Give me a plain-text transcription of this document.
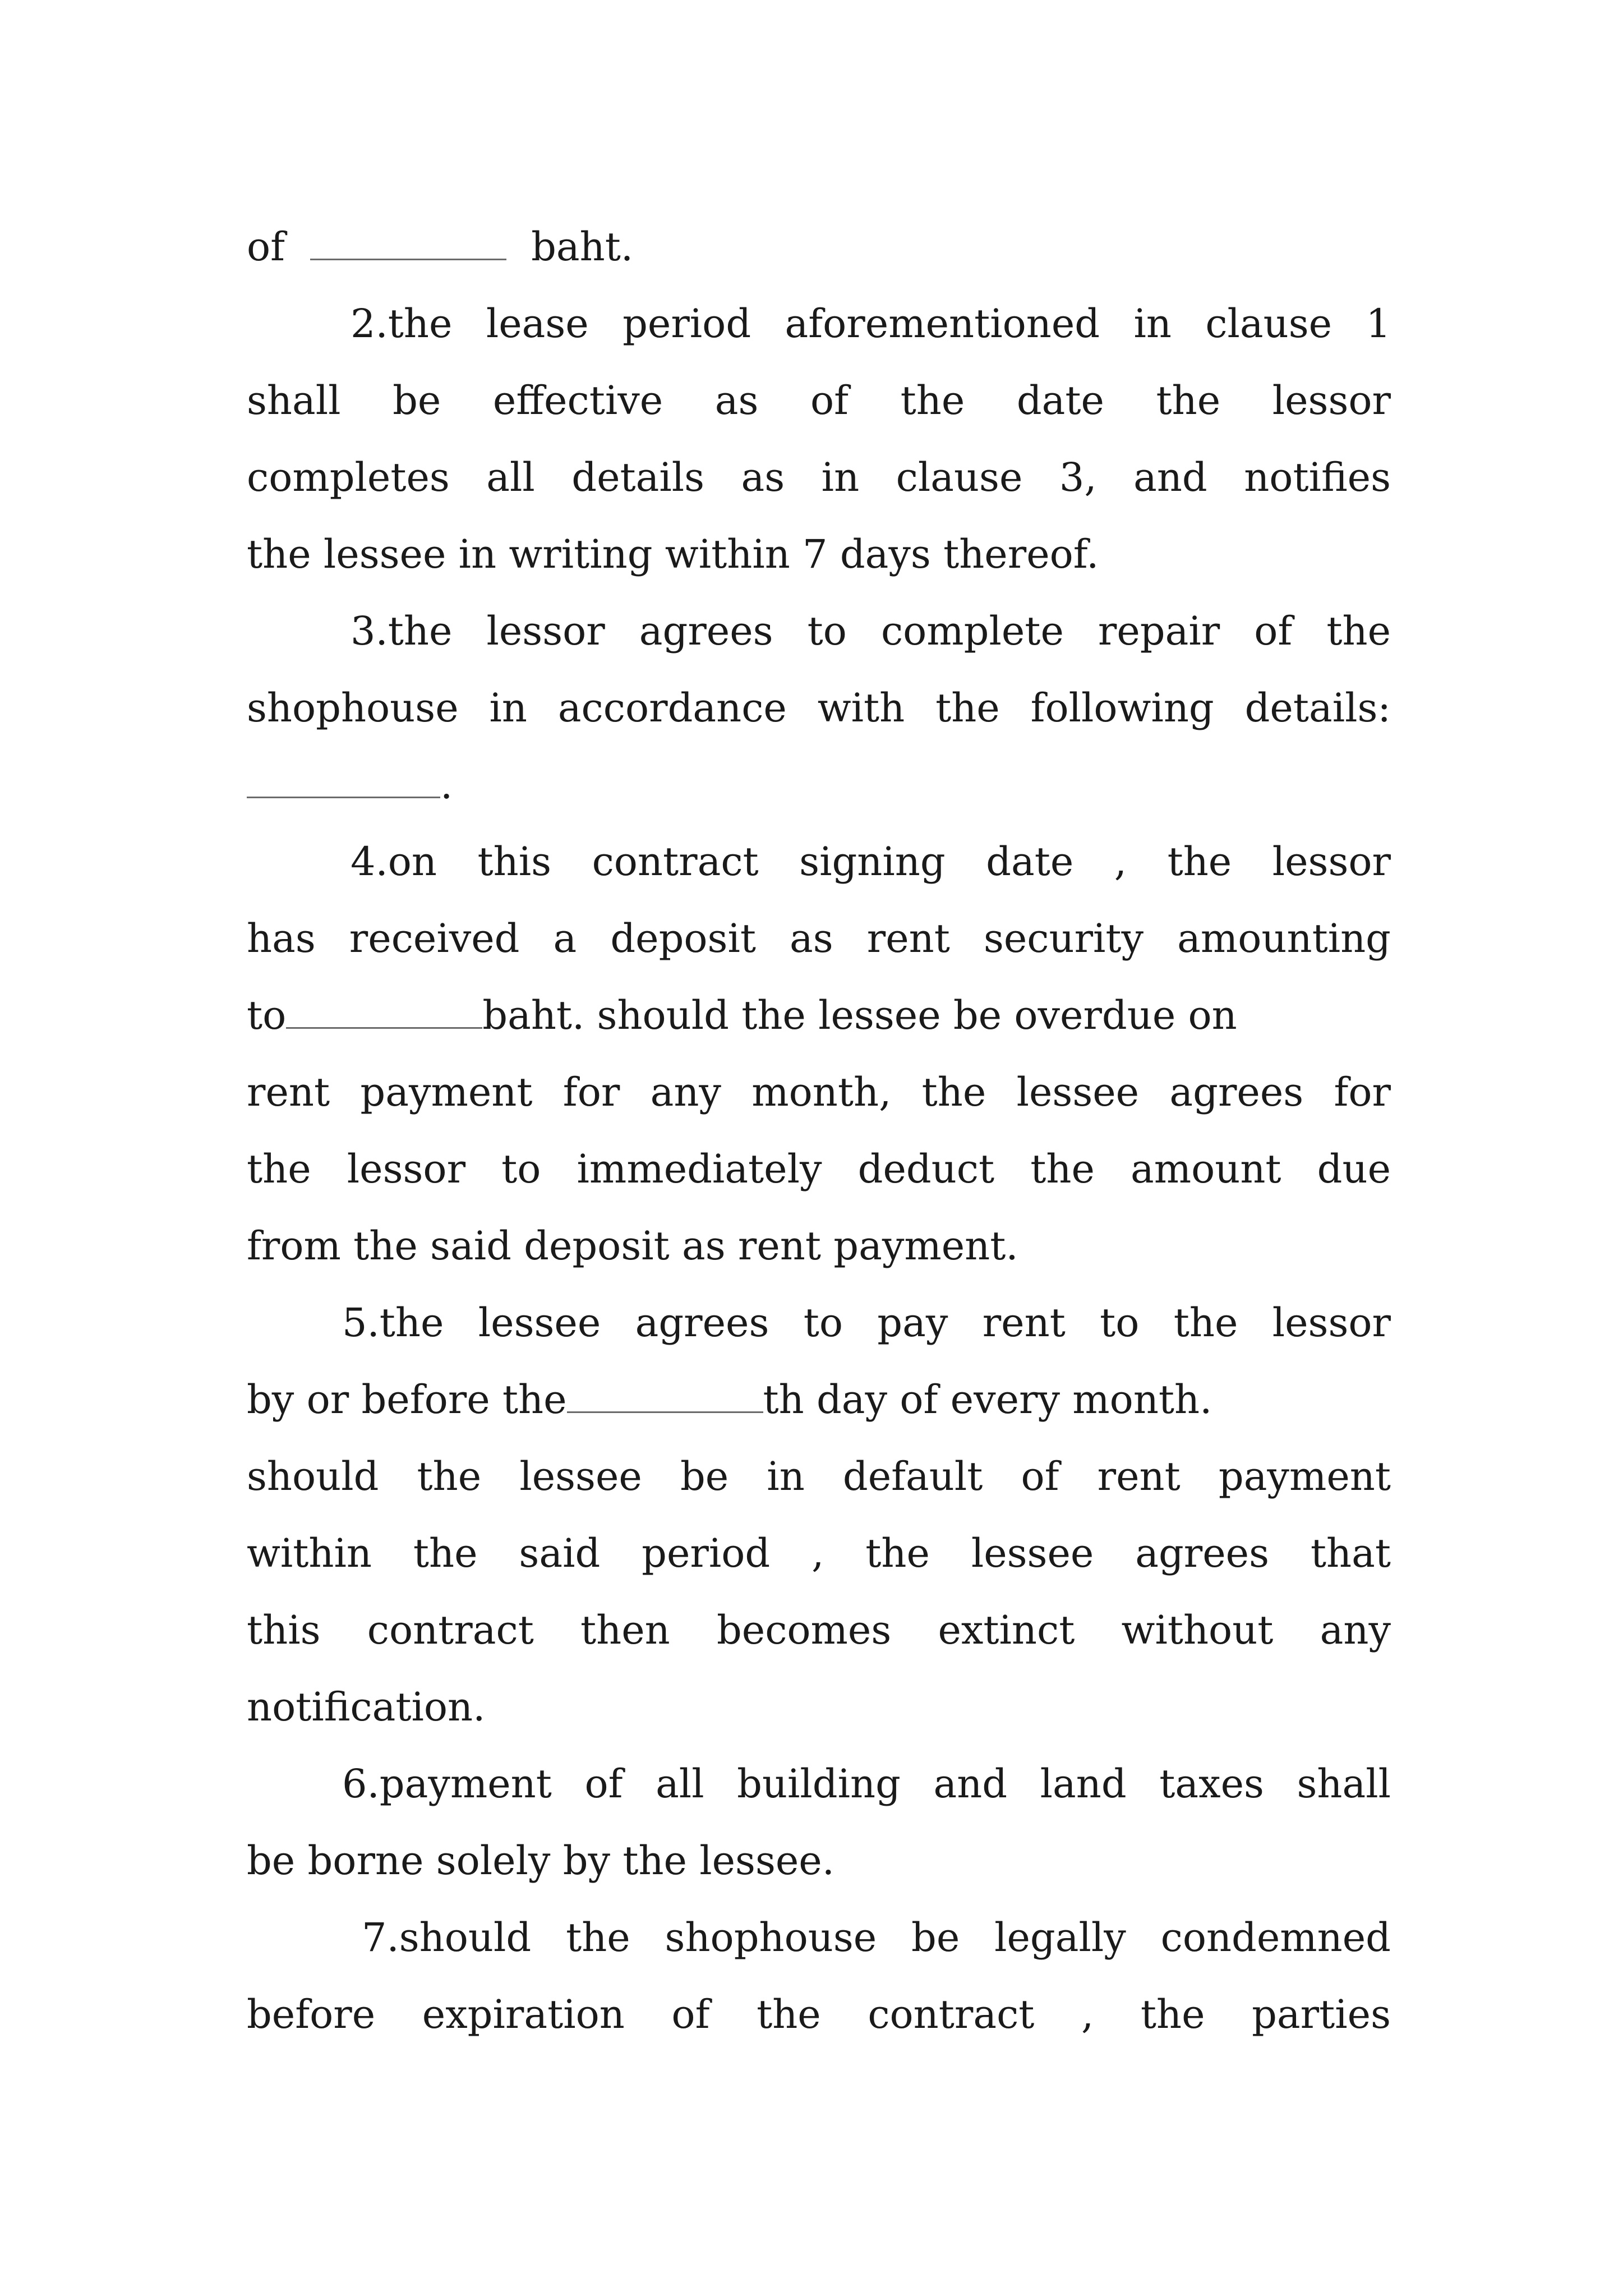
of	baht.
2.the lease period aforementioned in clause 1
shall be effective as of the date the lessor
completes all details as in clause 3, and notifies
the lessee in writing within 7 days thereof.
3.the lessor agrees to complete repair of the
shophouse in accordance with the following details:
.
4.on this contract signing date , the lessor
has received a deposit as rent security amounting
to	baht. should the lessee be overdue on
rent payment for any month, the lessee agrees for
the lessor to immediately deduct the amount due
from the said deposit as rent payment.
5.the lessee agrees to pay rent to the lessor
by or before the	th day of every month.
should the lessee be in default of rent payment
within the said period , the lessee agrees that
this contract then becomes extinct without any
notification.
6.payment of all building and land taxes shall
be borne solely by the lessee.
7.should the shophouse be legally condemned
before expiration of the contract , the parties
